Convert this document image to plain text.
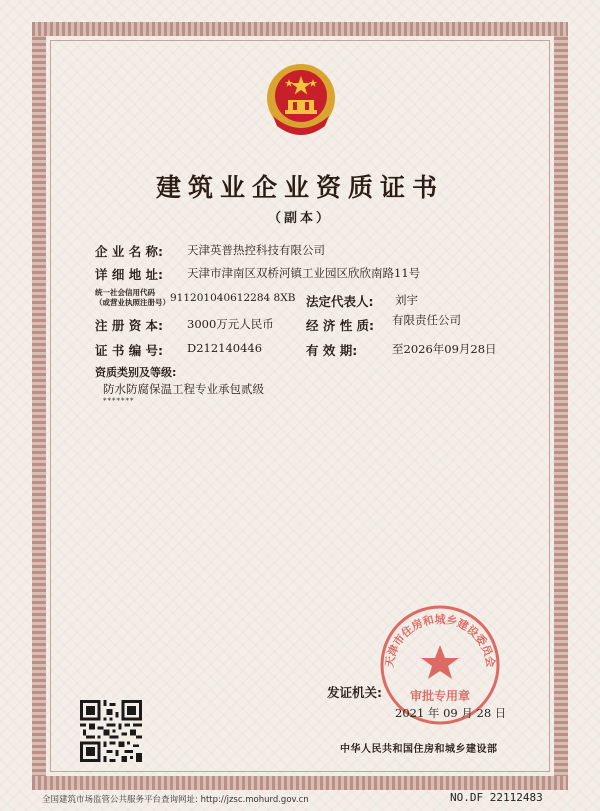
建筑业企业资质证书
（副本）
企 业 名 称: 天津英普热控科技有限公司
详 细 地 址: 天津市津南区双桥河镇工业园区欣欣南路11号
统一社会信用代码
（或营业执照注册号） 911201040612284 8XB 法定代表人: 刘宇
注 册 资 本: 3000万元人民币	经 济 性 质: 有限责任公司
证 书 编 号: D212140446	有 效 期:	至2026年09月28日
资质类别及等级:
防水防腐保温工程专业承包贰级
*******
天津市住房和城乡建设委员会
审批专用章
发证机关:
2021 年 09 月 28 日
中华人民共和国住房和城乡建设部
全国建筑市场监管公共服务平台查询网址: http://jzsc.mohurd.gov.cn	NO.DF 22112483
